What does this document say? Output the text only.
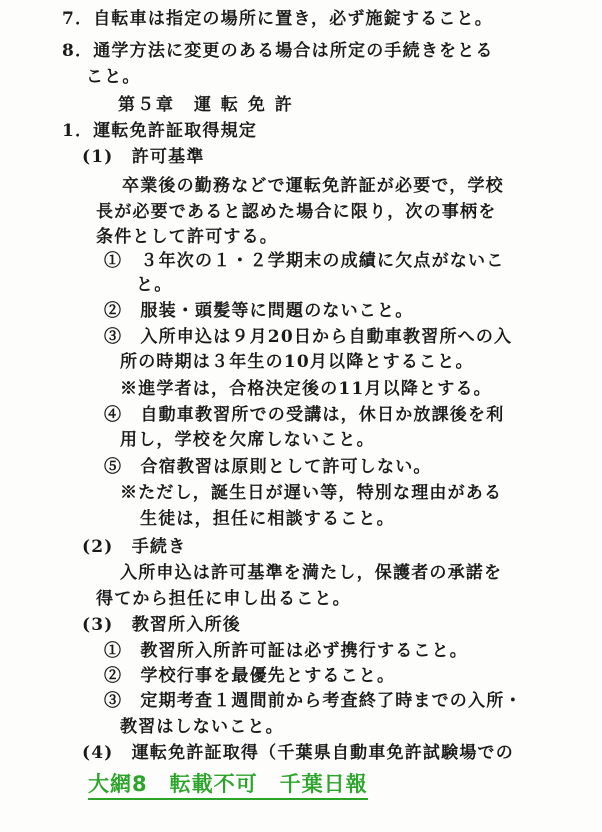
7．自転車は指定の場所に置き，必ず施錠すること。
8．通学方法に変更のある場合は所定の手続きをとる
こと。
第５章　運 転 免 許
1．運転免許証取得規定
(1)　許可基準
卒業後の勤務などで運転免許証が必要で，学校
長が必要であると認めた場合に限り，次の事柄を
条件として許可する。
①　３年次の１・２学期末の成績に欠点がないこ
と。
②　服装・頭髪等に問題のないこと。
③　入所申込は９月20日から自動車教習所への入
所の時期は３年生の10月以降とすること。
※進学者は，合格決定後の11月以降とする。
④　自動車教習所での受講は，休日か放課後を利
用し，学校を欠席しないこと。
⑤　合宿教習は原則として許可しない。
※ただし，誕生日が遅い等，特別な理由がある
生徒は，担任に相談すること。
(2)　手続き
入所申込は許可基準を満たし，保護者の承諾を
得てから担任に申し出ること。
(3)　教習所入所後
①　教習所入所許可証は必ず携行すること。
②　学校行事を最優先とすること。
③　定期考査１週間前から考査終了時までの入所・
教習はしないこと。
(4)　運転免許証取得（千葉県自動車免許試験場での
大網8　転載不可　千葉日報
